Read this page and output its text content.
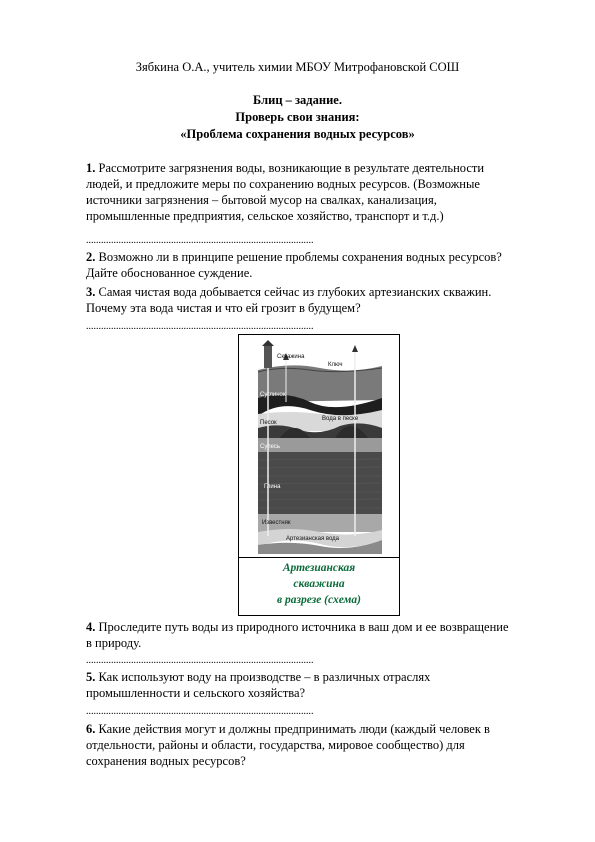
Зябкина О.А., учитель химии МБОУ Митрофановской СОШ
Блиц – задание.
Проверь свои знания:
«Проблема сохранения водных ресурсов»
1. Рассмотрите загрязнения воды, возникающие в результате деятельности
людей, и предложите меры по сохранению водных ресурсов. (Возможные
источники загрязнения – бытовой мусор на свалках, канализация,
промышленные предприятия, сельское хозяйство, транспорт и т.д.)
...........................................................................................
2. Возможно ли в принципе решение проблемы сохранения водных ресурсов?
Дайте обоснованное суждение.
3. Самая чистая вода добывается сейчас из глубоких артезианских скважин.
Почему эта вода чистая и что ей грозит в будущем?
...........................................................................................
Скважина
Ключ
Суглинок
Песок
Вода в песке
Супесь
Глина
Известняк
Артезианская вода
Артезианская
скважина
в разрезе (схема)
4. Проследите путь воды из природного источника в ваш дом и ее возвращение
в природу.
...........................................................................................
5. Как используют воду на производстве – в различных отраслях
промышленности и сельского хозяйства?
...........................................................................................
6. Какие действия могут и должны предпринимать люди (каждый человек в
отдельности, районы и области, государства, мировое сообщество) для
сохранения водных ресурсов?
